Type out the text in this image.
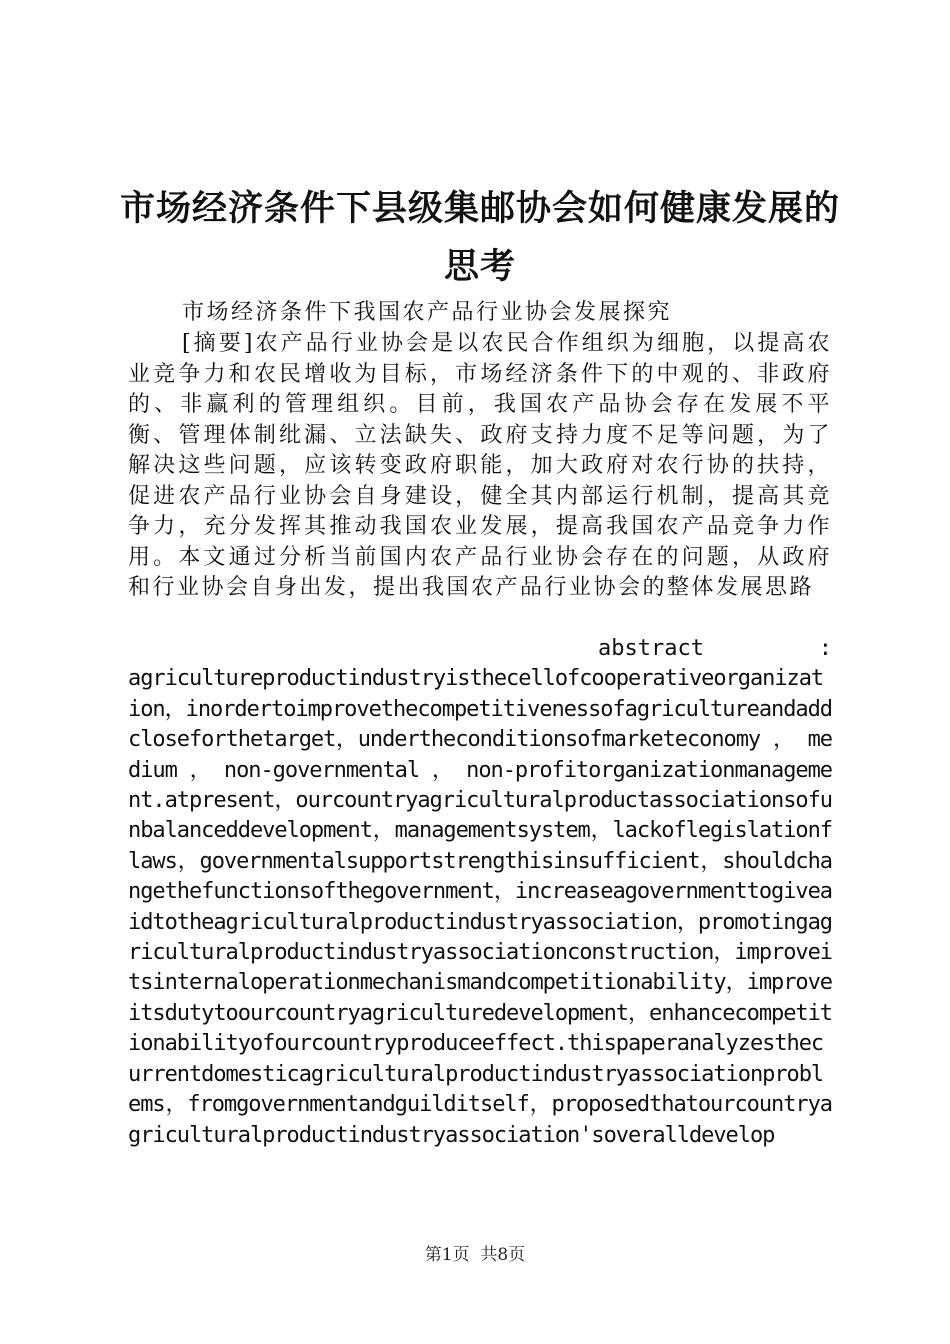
市场经济条件下县级集邮协会如何健康发展的
思考

市场经济条件下我国农产品行业协会发展探究

[摘要]农产品行业协会是以农民合作组织为细胞，以提高农业竞争力和农民增收为目标，市场经济条件下的中观的、非政府的、非赢利的管理组织。目前，我国农产品协会存在发展不平衡、管理体制纰漏、立法缺失、政府支持力度不足等问题，为了解决这些问题，应该转变政府职能，加大政府对农行协的扶持，促进农产品行业协会自身建设，健全其内部运行机制，提高其竞争力，充分发挥其推动我国农业发展，提高我国农产品竞争力作用。本文通过分析当前国内农产品行业协会存在的问题，从政府和行业协会自身出发，提出我国农产品行业协会的整体发展思路

abstract	:
agricultureproductindustryisthecellofcooperativeorganization，inordertoimprovethecompetitivenessofagricultureandaddcloseforthetarget，undertheconditionsofmarketeconomy ， medium ， non-governmental ， non-profitorganizationmanagement.atpresent，ourcountryagriculturalproductassociationsofunbalanceddevelopment，managementsystem，lackoflegislationflaws，governmentalsupportstrengthisinsufficient，shouldchangethefunctionsofthegovernment，increaseagovernmenttogiveaidtotheagriculturalproductindustryassociation，promotingagriculturalproductindustryassociationconstruction，improveitsinternaloperationmechanismandcompetitionability，improveitsdutytoourcountryagriculturedevelopment，enhancecompetitionabilityofourcountryproduceeffect.thispaperanalyzesthecurrentdomesticagriculturalproductindustryassociationproblems，fromgovernmentandguilditself，proposedthatourcountryagriculturalproductindustryassociation'soveralldevelop
第1页  共8页
